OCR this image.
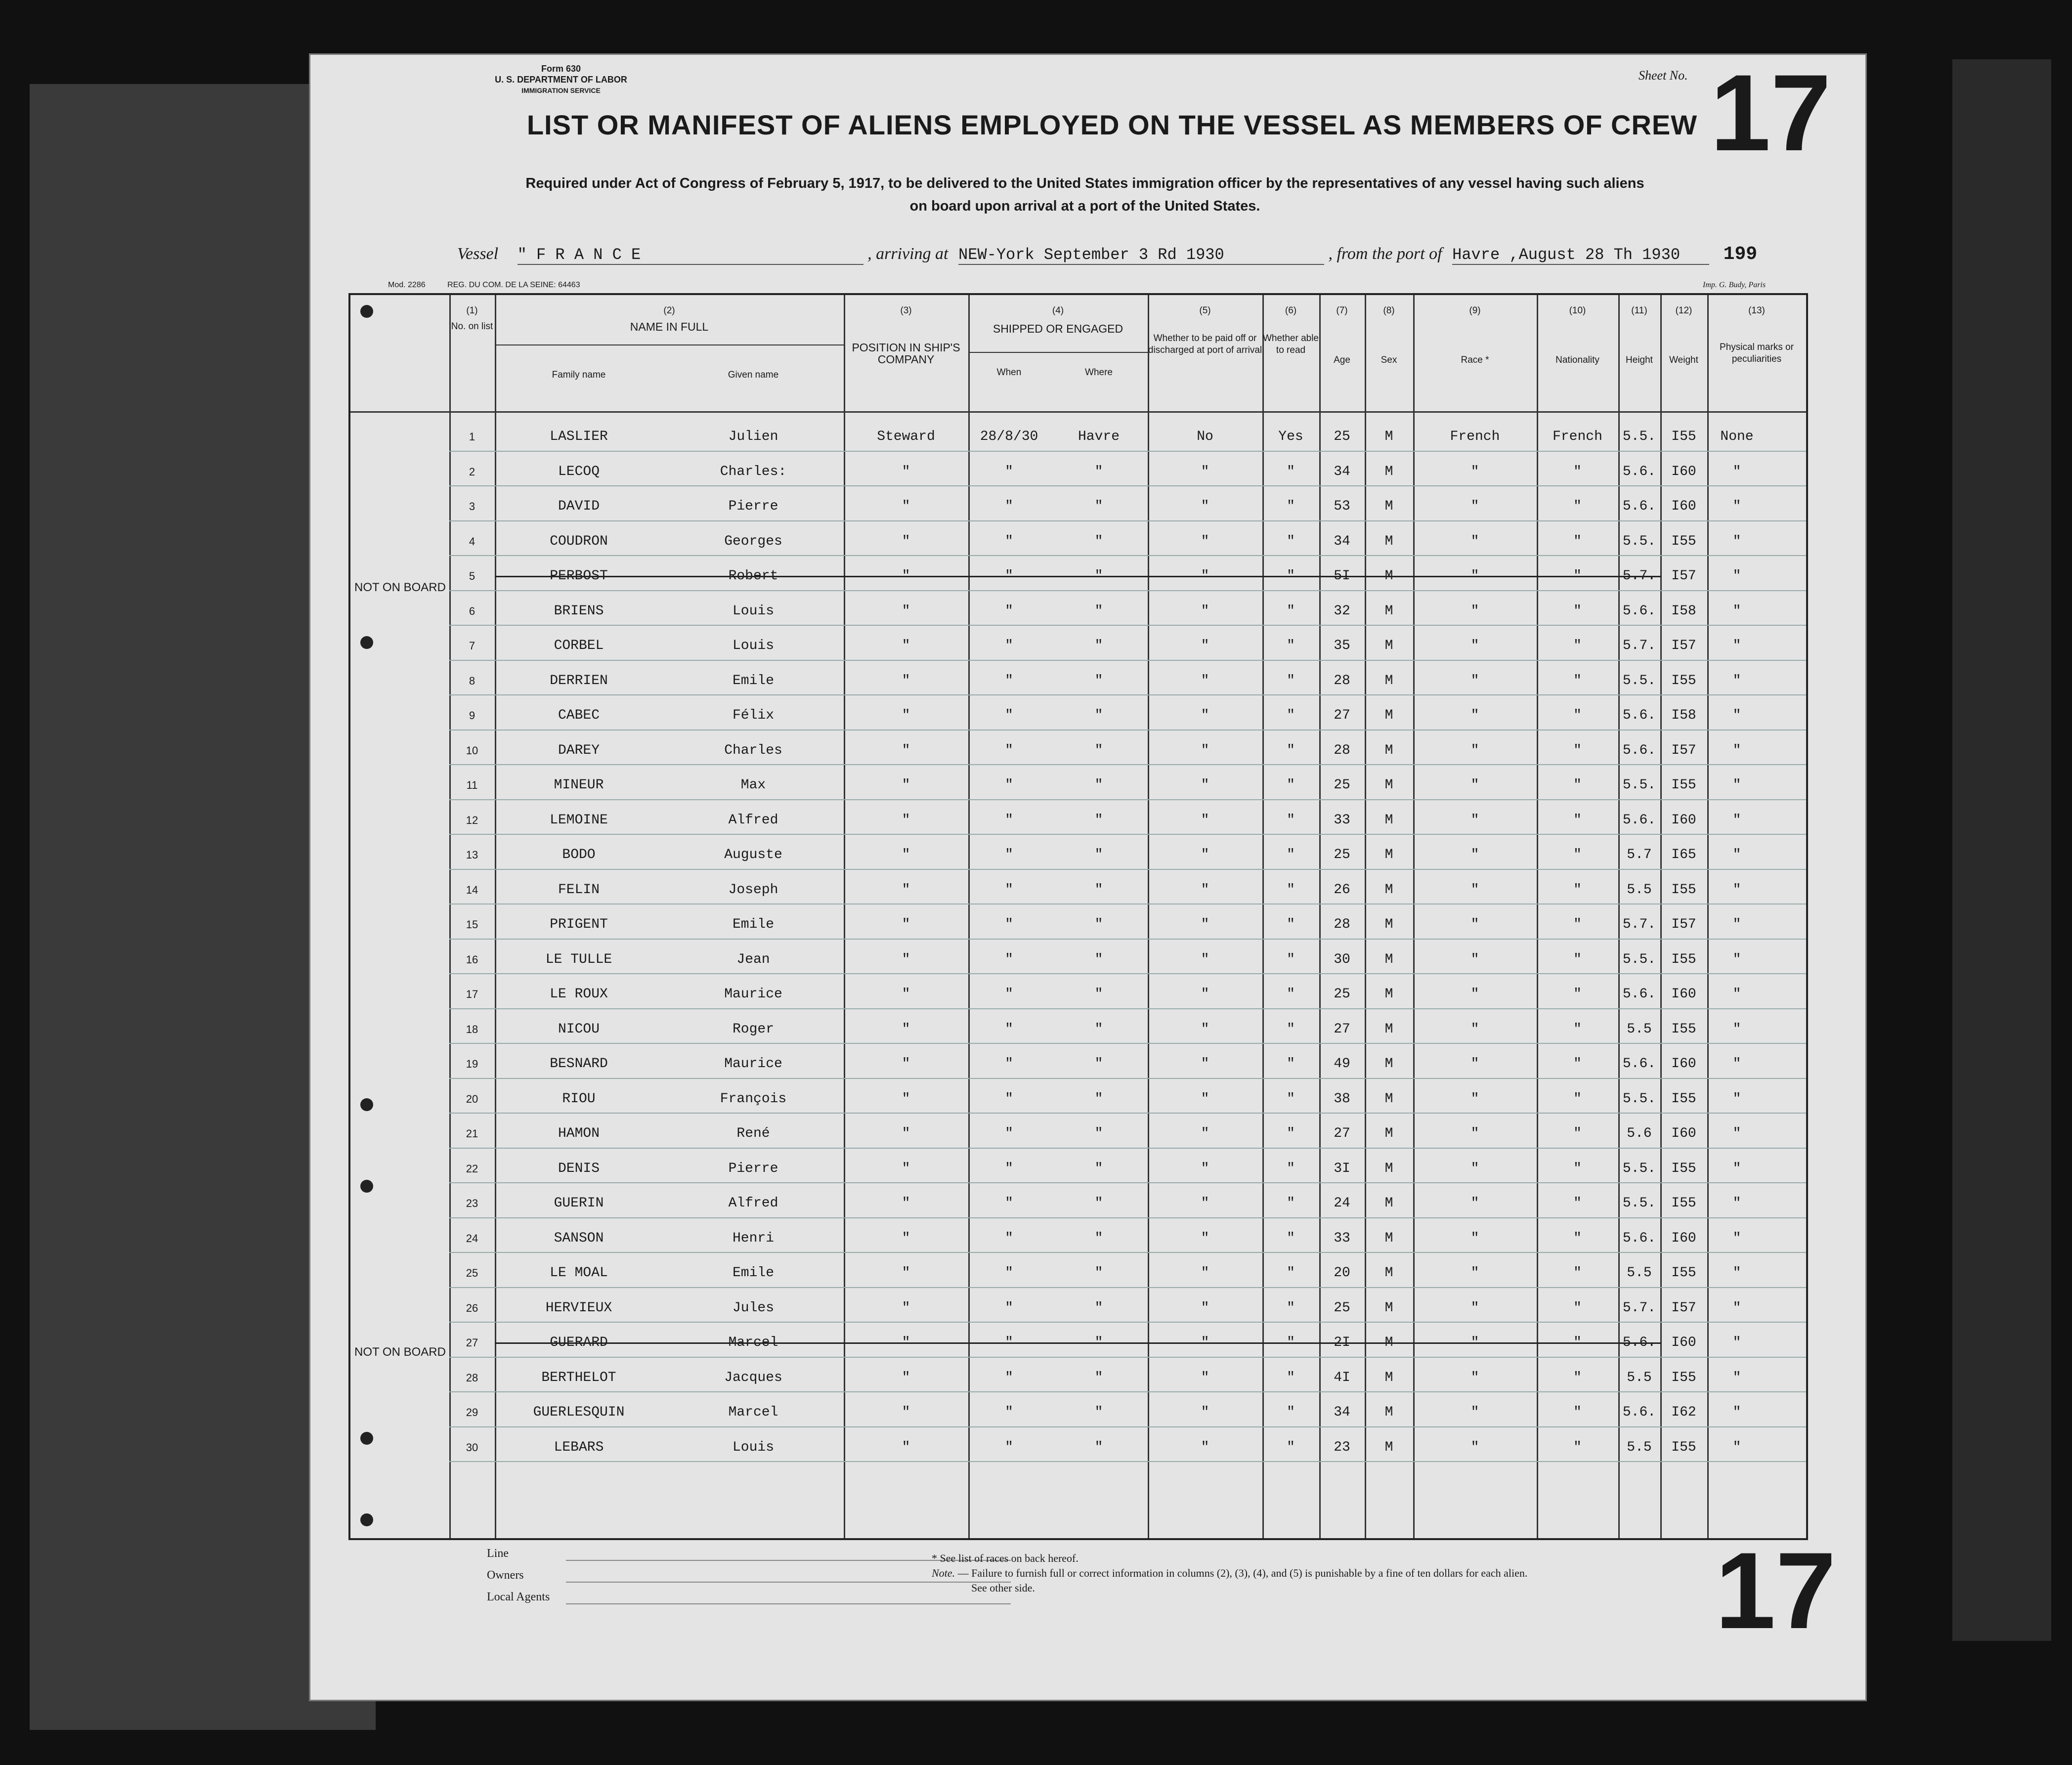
Form 630
U. S. DEPARTMENT OF LABOR
IMMIGRATION SERVICE
Sheet No. 17
LIST OR MANIFEST OF ALIENS EMPLOYED ON THE VESSEL AS MEMBERS OF CREW
Required under Act of Congress of February 5, 1917, to be delivered to the United States immigration officer by the representatives of any vessel having such aliens
on board upon arrival at a port of the United States.
Vessel " F R A N C E	, arriving at NEW-York September 3 Rd 1930	, from the port of Havre ,August 28 Th 1930 199
Mod. 2286	REG. DU COM. DE LA SEINE: 64463	Imp. G. Budy, Paris
(1)
No. on list
(2)
NAME IN FULL
Family name	Given name
(3)
POSITION IN SHIP'S COMPANY
(4)
SHIPPED OR ENGAGED
When	Where
(5)
Whether to be paid off or discharged at port of arrival
(6)
Whether able to read
(7)
Age
(8)
Sex
(9)
Race *
(10)
Nationality
(11)
Height
(12)
Weight
(13)
Physical marks or peculiarities
1	LASLIER	Julien	Steward	28/8/30	Havre	No	Yes	25	M	French	French	5.5.	I55	None
2	LECOQ	Charles:	"	"	"	"	"	34	M	"	"	5.6.	I60	"
3	DAVID	Pierre	"	"	"	"	"	53	M	"	"	5.6.	I60	"
4	COUDRON	Georges	"	"	"	"	"	34	M	"	"	5.5.	I55	"
5	PERBOST	Robert	"	"	"	"	"	5I	M	"	"	5.7.	I57	"
6	BRIENS	Louis	"	"	"	"	"	32	M	"	"	5.6.	I58	"
7	CORBEL	Louis	"	"	"	"	"	35	M	"	"	5.7.	I57	"
8	DERRIEN	Emile	"	"	"	"	"	28	M	"	"	5.5.	I55	"
9	CABEC	Félix	"	"	"	"	"	27	M	"	"	5.6.	I58	"
10	DAREY	Charles	"	"	"	"	"	28	M	"	"	5.6.	I57	"
11	MINEUR	Max	"	"	"	"	"	25	M	"	"	5.5.	I55	"
12	LEMOINE	Alfred	"	"	"	"	"	33	M	"	"	5.6.	I60	"
13	BODO	Auguste	"	"	"	"	"	25	M	"	"	5.7	I65	"
14	FELIN	Joseph	"	"	"	"	"	26	M	"	"	5.5	I55	"
15	PRIGENT	Emile	"	"	"	"	"	28	M	"	"	5.7.	I57	"
16	LE TULLE	Jean	"	"	"	"	"	30	M	"	"	5.5.	I55	"
17	LE ROUX	Maurice	"	"	"	"	"	25	M	"	"	5.6.	I60	"
18	NICOU	Roger	"	"	"	"	"	27	M	"	"	5.5	I55	"
19	BESNARD	Maurice	"	"	"	"	"	49	M	"	"	5.6.	I60	"
20	RIOU	François	"	"	"	"	"	38	M	"	"	5.5.	I55	"
21	HAMON	René	"	"	"	"	"	27	M	"	"	5.6	I60	"
22	DENIS	Pierre	"	"	"	"	"	3I	M	"	"	5.5.	I55	"
23	GUERIN	Alfred	"	"	"	"	"	24	M	"	"	5.5.	I55	"
24	SANSON	Henri	"	"	"	"	"	33	M	"	"	5.6.	I60	"
25	LE MOAL	Emile	"	"	"	"	"	20	M	"	"	5.5	I55	"
26	HERVIEUX	Jules	"	"	"	"	"	25	M	"	"	5.7.	I57	"
27	GUERARD	Marcel	"	"	"	"	"	2I	M	"	"	5.6.	I60	"
28	BERTHELOT	Jacques	"	"	"	"	"	4I	M	"	"	5.5	I55	"
29	GUERLESQUIN	Marcel	"	"	"	"	"	34	M	"	"	5.6.	I62	"
30	LEBARS	Louis	"	"	"	"	"	23	M	"	"	5.5	I55	"
NOT ON BOARD
NOT ON BOARD
Line
Owners
Local Agents
* See list of races on back hereof.
Note. — Failure to furnish full or correct information in columns (2), (3), (4), and (5) is punishable by a fine of ten dollars for each alien.
See other side.	17
